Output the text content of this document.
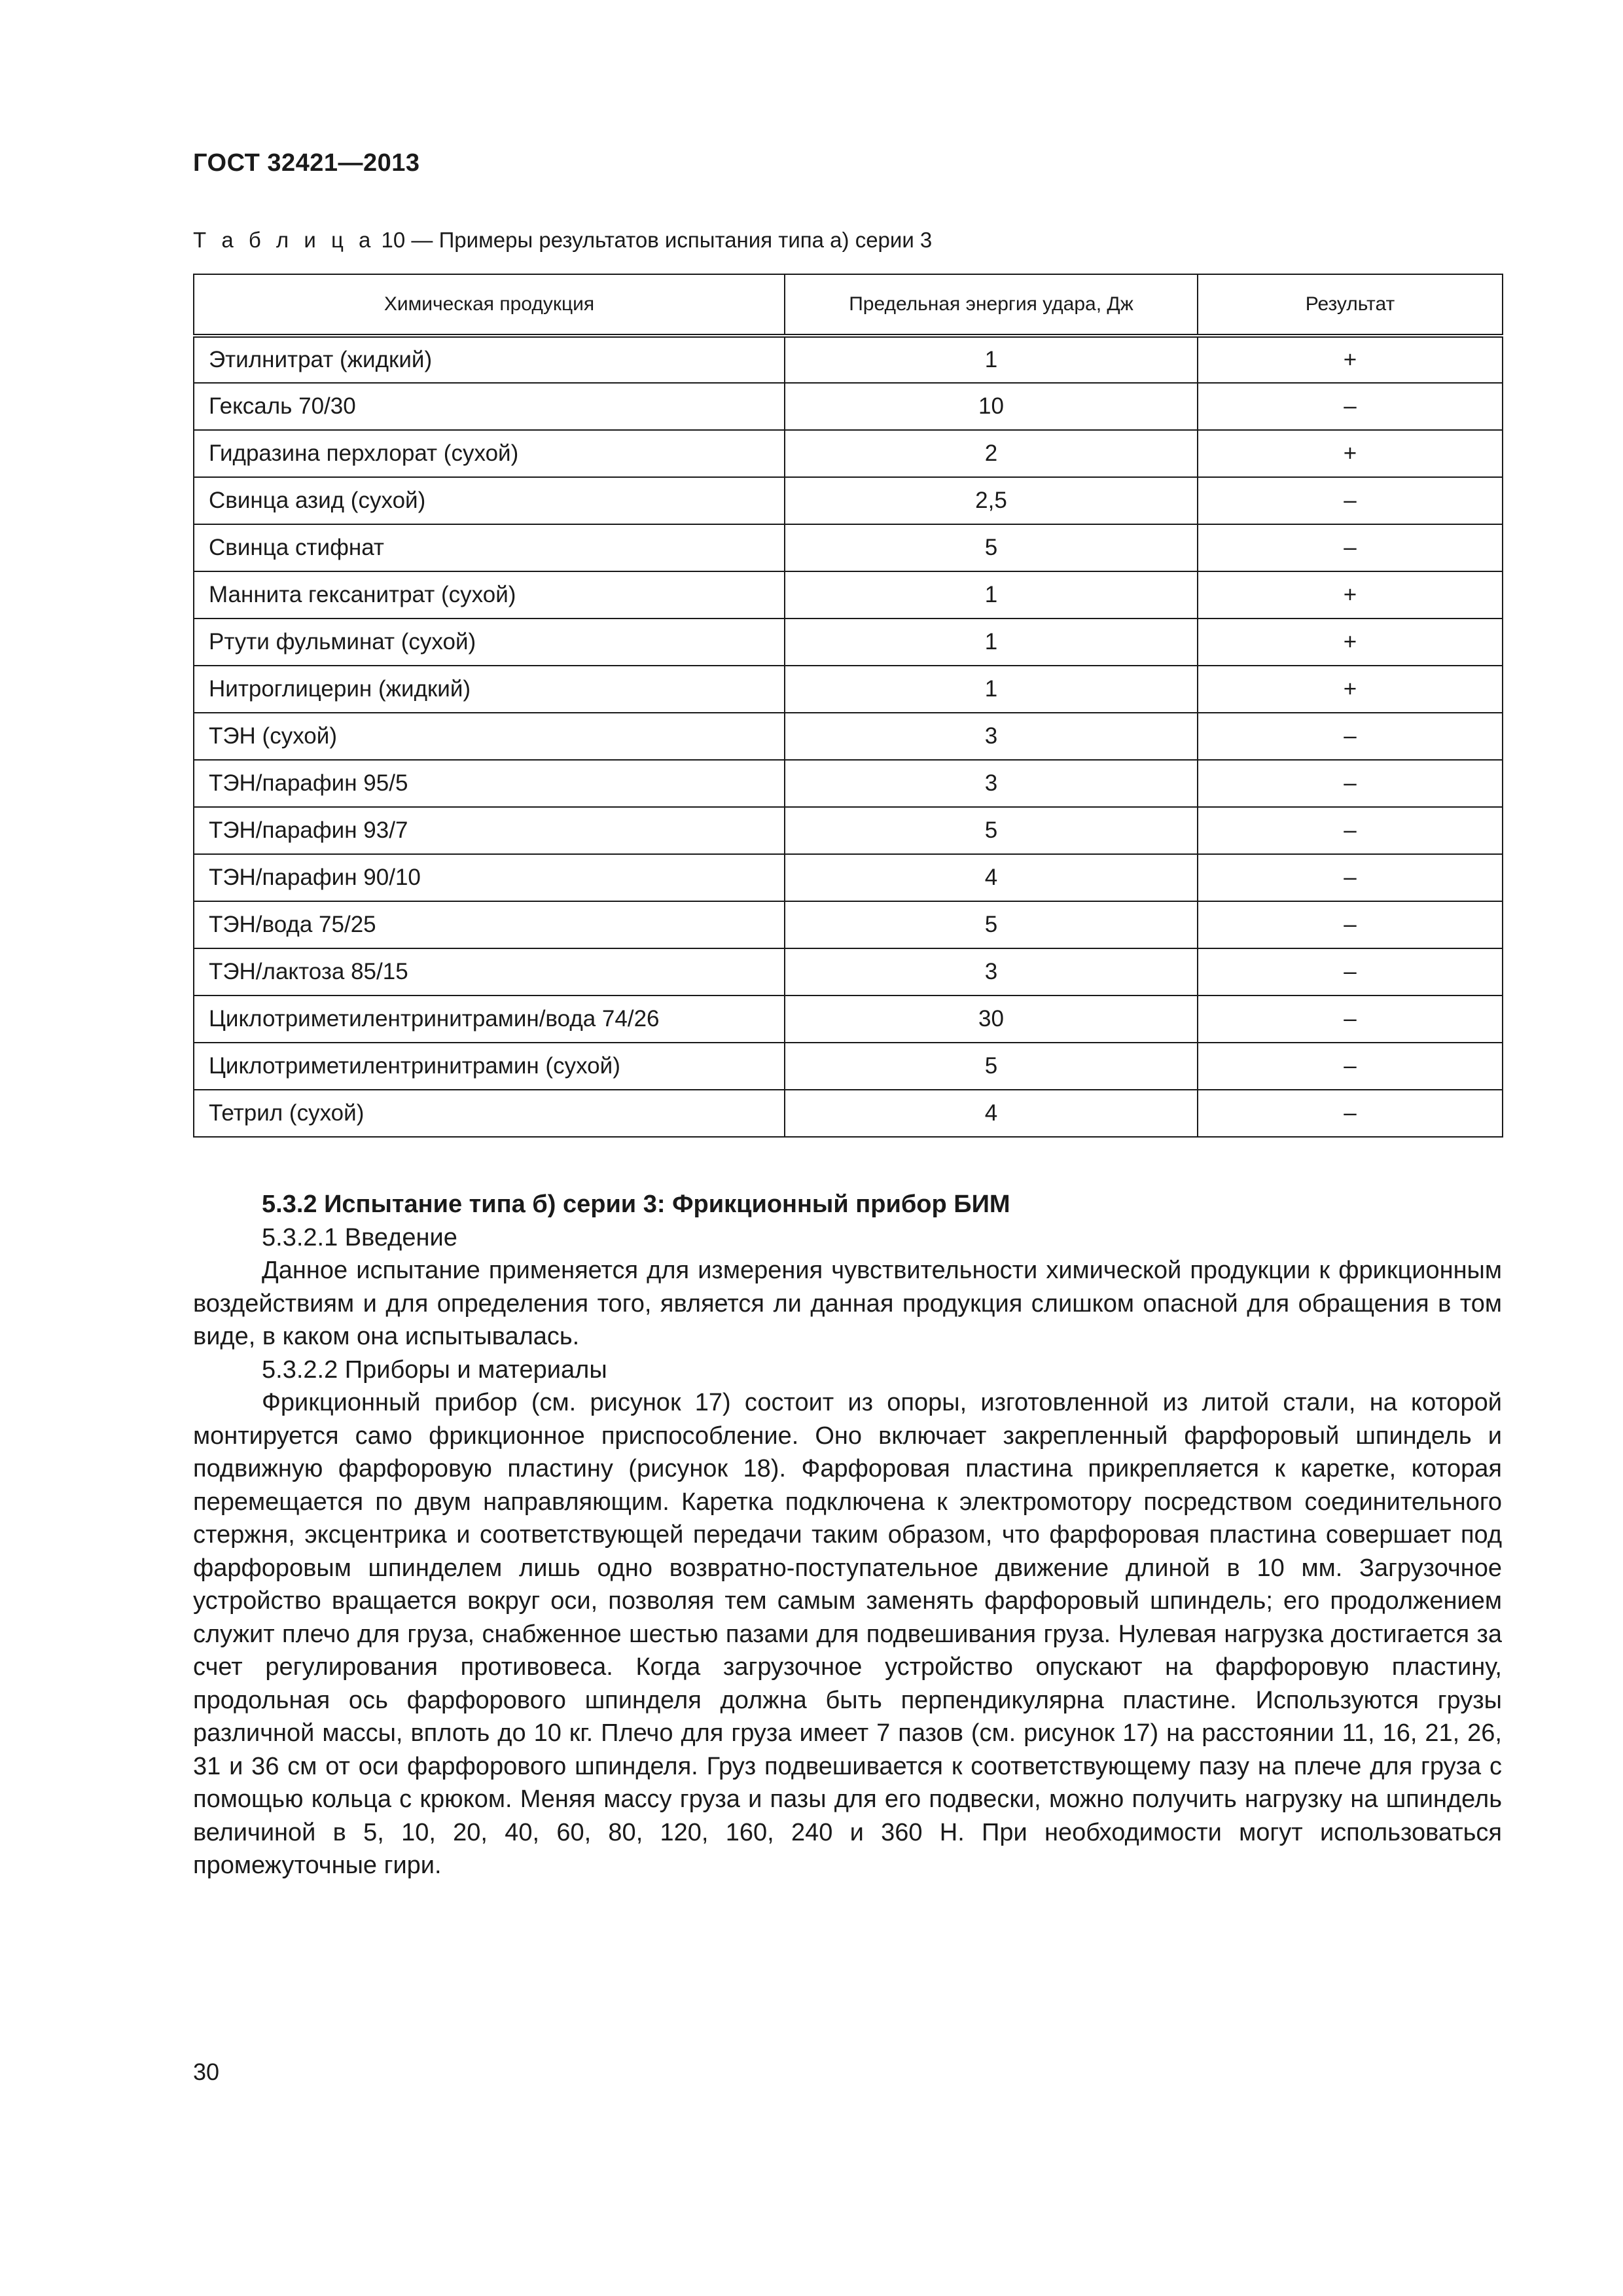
ГОСТ 32421—2013
Т а б л и ц а 10 — Примеры результатов испытания типа а) серии 3
Химическая продукция	Предельная энергия удара, Дж	Результат
Этилнитрат (жидкий)	1	+
Гексаль 70/30	10	–
Гидразина перхлорат (сухой)	2	+
Свинца азид (сухой)	2,5	–
Свинца стифнат	5	–
Маннита гексанитрат (сухой)	1	+
Ртути фульминат (сухой)	1	+
Нитроглицерин (жидкий)	1	+
ТЭН (сухой)	3	–
ТЭН/парафин 95/5	3	–
ТЭН/парафин 93/7	5	–
ТЭН/парафин 90/10	4	–
ТЭН/вода 75/25	5	–
ТЭН/лактоза 85/15	3	–
Циклотриметилентринитрамин/вода 74/26	30	–
Циклотриметилентринитрамин (сухой)	5	–
Тетрил (сухой)	4	–

5.3.2 Испытание типа б) серии 3: Фрикционный прибор БИМ

5.3.2.1 Введение

Данное испытание применяется для измерения чувствительности химической продукции к фрикционным воздействиям и для определения того, является ли данная продукция слишком опасной для обращения в том виде, в каком она испытывалась.

5.3.2.2 Приборы и материалы

Фрикционный прибор (см. рисунок 17) состоит из опоры, изготовленной из литой стали, на которой монтируется само фрикционное приспособление. Оно включает закрепленный фарфоровый шпиндель и подвижную фарфоровую пластину (рисунок 18). Фарфоровая пластина прикрепляется к каретке, которая перемещается по двум направляющим. Каретка подключена к электромотору посредством соединительного стержня, эксцентрика и соответствующей передачи таким образом, что фарфоровая пластина совершает под фарфоровым шпинделем лишь одно возвратно-поступательное движение длиной в 10 мм. Загрузочное устройство вращается вокруг оси, позволяя тем самым заменять фарфоровый шпиндель; его продолжением служит плечо для груза, снабженное шестью пазами для подвешивания груза. Нулевая нагрузка достигается за счет регулирования противовеса. Когда загрузочное устройство опускают на фарфоровую пластину, продольная ось фарфорового шпинделя должна быть перпендикулярна пластине. Используются грузы различной массы, вплоть до 10 кг. Плечо для груза имеет 7 пазов (см. рисунок 17) на расстоянии 11, 16, 21, 26, 31 и 36 см от оси фарфорового шпинделя. Груз подвешивается к соответствующему пазу на плече для груза с помощью кольца с крюком. Меняя массу груза и пазы для его подвески, можно получить нагрузку на шпиндель величиной в 5, 10, 20, 40, 60, 80, 120, 160, 240 и 360 Н. При необходимости могут использоваться промежуточные гири.

30
